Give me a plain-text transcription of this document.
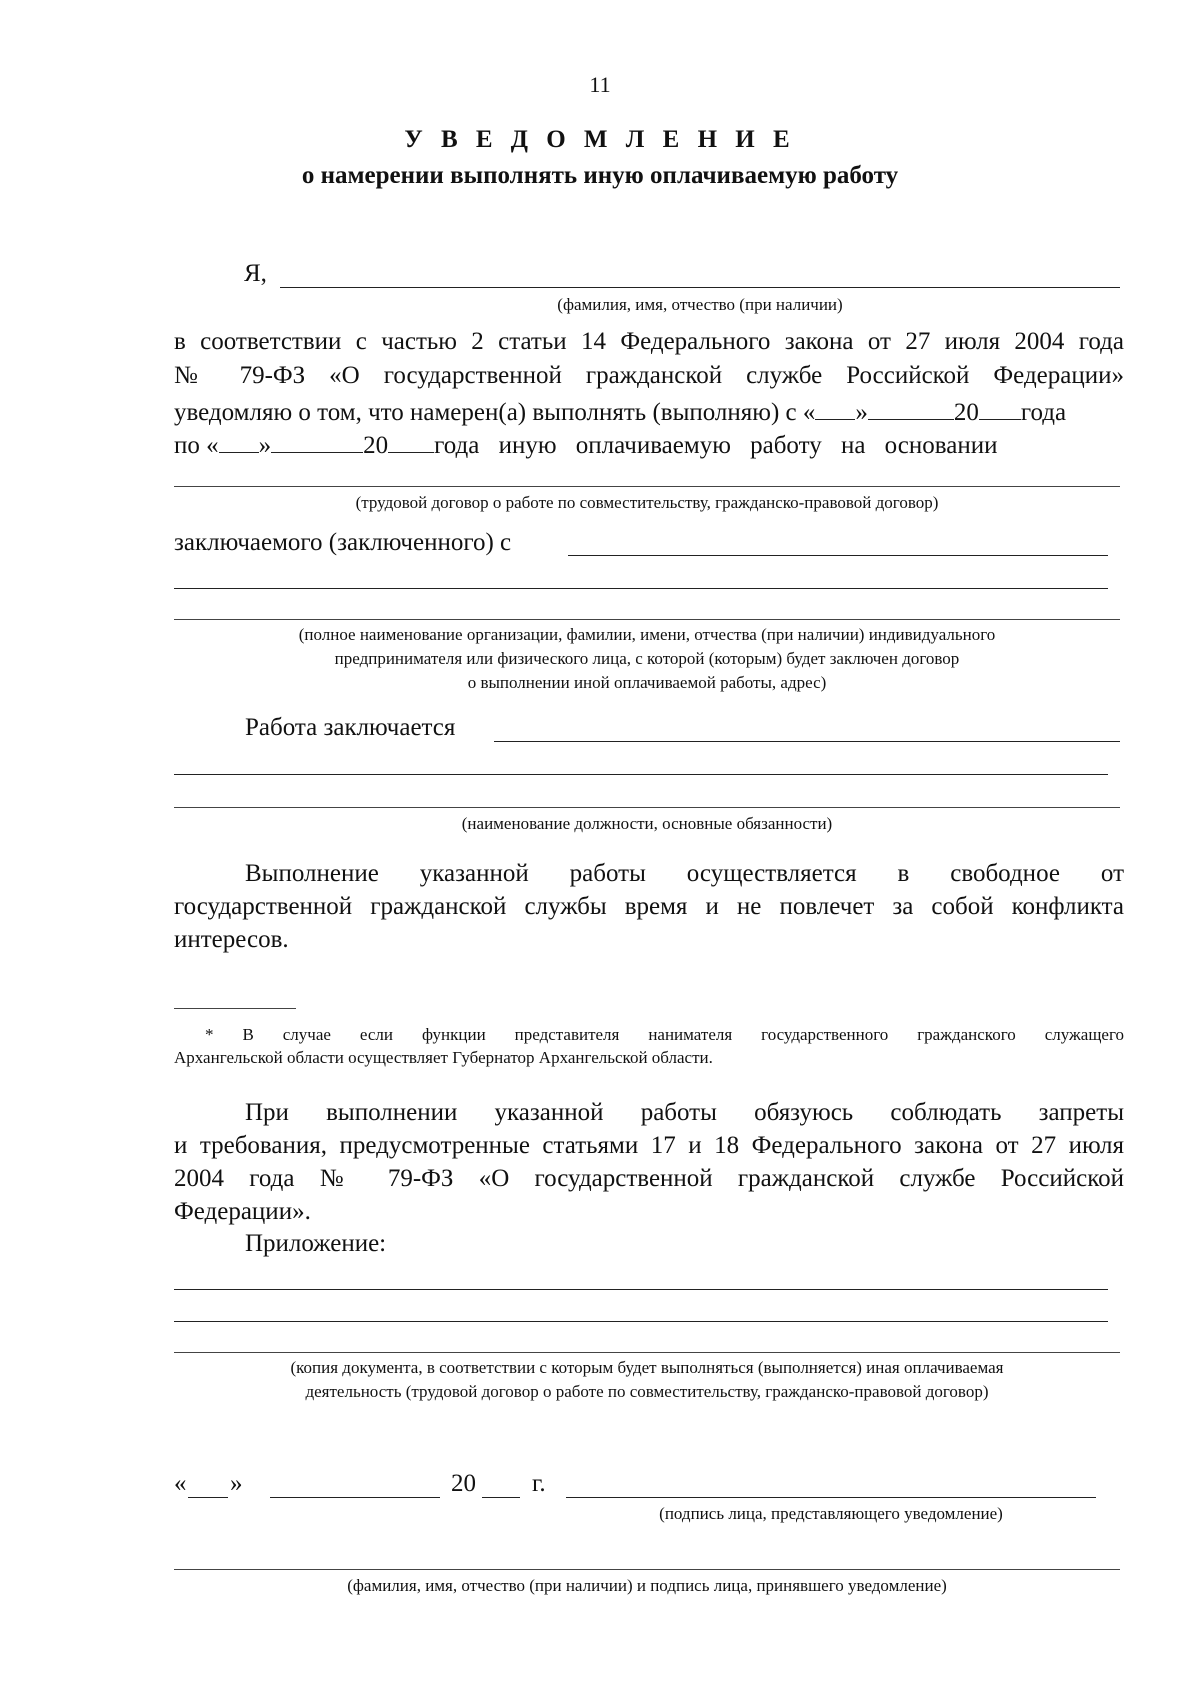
11
У В Е Д О М Л Е Н И Е
о намерении выполнять иную оплачиваемую работу
Я,
(фамилия, имя, отчество (при наличии)
в соответствии с частью 2 статьи 14 Федерального закона от 27 июля 2004 года
№ 79-ФЗ «О государственной гражданской службе Российской Федерации»
уведомляю о том, что намерен(а) выполнять (выполняю) с « »	20 года
по « »	20 года иную оплачиваемую работу на основании
(трудовой договор о работе по совместительству, гражданско-правовой договор)
заключаемого (заключенного) с
(полное наименование организации, фамилии, имени, отчества (при наличии) индивидуального
предпринимателя или физического лица, с которой (которым) будет заключен договор
о выполнении иной оплачиваемой работы, адрес)
Работа заключается
(наименование должности, основные обязанности)
Выполнение указанной работы осуществляется в свободное от
государственной гражданской службы время и не повлечет за собой конфликта
интересов.
* В случае если функции представителя нанимателя государственного гражданского служащего
Архангельской области осуществляет Губернатор Архангельской области.
При выполнении указанной работы обязуюсь соблюдать запреты
и требования, предусмотренные статьями 17 и 18 Федерального закона от 27 июля
2004 года № 79-ФЗ «О государственной гражданской службе Российской
Федерации».
Приложение:
(копия документа, в соответствии с которым будет выполняться (выполняется) иная оплачиваемая
деятельность (трудовой договор о работе по совместительству, гражданско-правовой договор)
« »	20 г.
(подпись лица, представляющего уведомление)
(фамилия, имя, отчество (при наличии) и подпись лица, принявшего уведомление)
